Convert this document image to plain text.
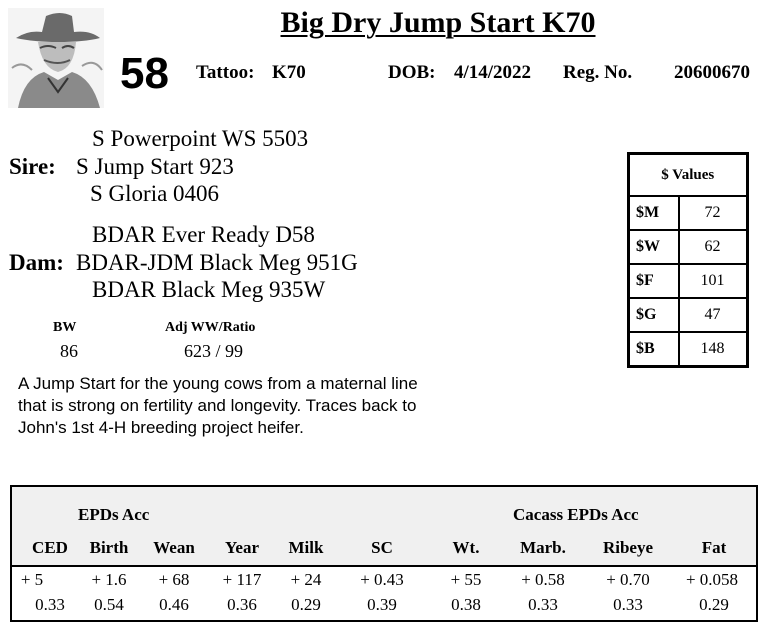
Big Dry Jump Start K70
58 Tattoo: K70	DOB: 4/14/2022 Reg. No. 20600670
S Powerpoint WS 5503
Sire: S Jump Start 923
S Gloria 0406
BDAR Ever Ready D58
Dam: BDAR-JDM Black Meg 951G
BDAR Black Meg 935W
BW
86
Adj WW/Ratio
623 / 99
A Jump Start for the young cows from a maternal line
that is strong on fertility and longevity. Traces back to
John's 1st 4-H breeding project heifer.
$ Values	
$M	72
$W	62
$F	101
$G	47
$B	148
EPDs Acc	Cacass EPDs Acc
CED	Birth	Wean	Year	Milk	SC	Wt.	Marb.	Ribeye	Fat
+ 5	+ 1.6	+ 68	+ 117	+ 24	+ 0.43	+ 55	+ 0.58	+ 0.70	+ 0.058
0.33	0.54	0.46	0.36	0.29	0.39	0.38	0.33	0.33	0.29
